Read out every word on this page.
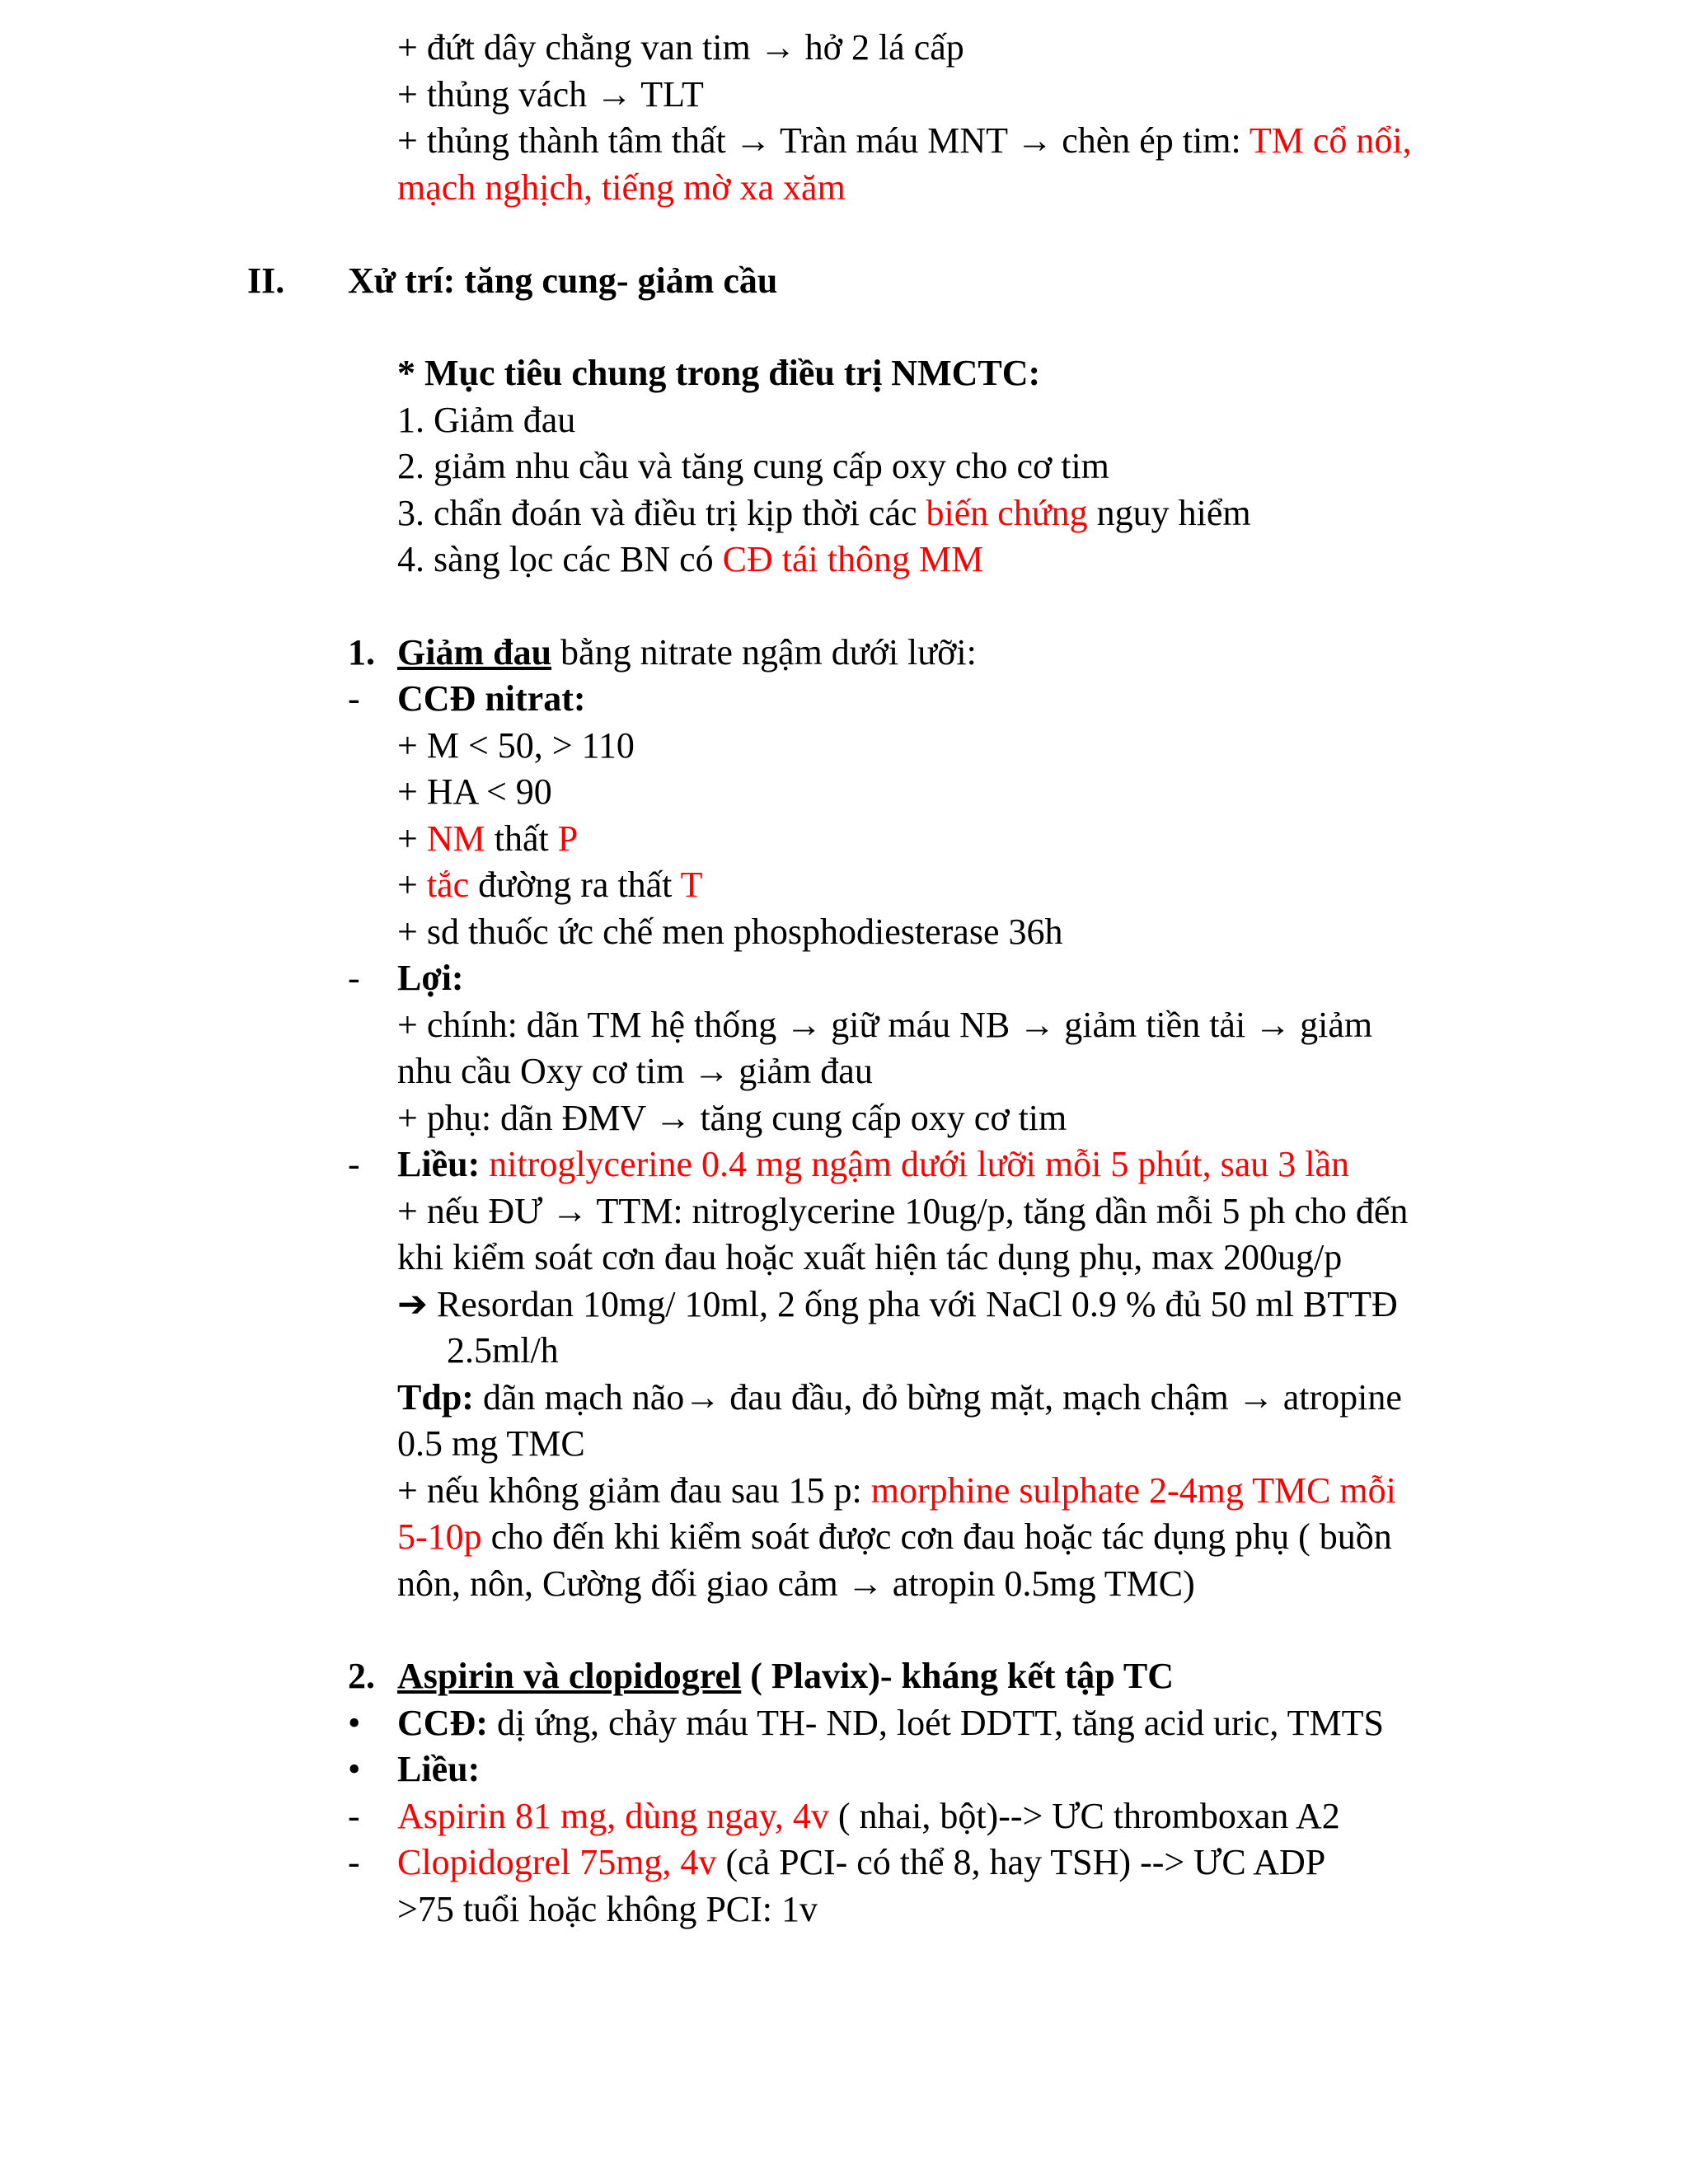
+ đứt dây chằng van tim → hở 2 lá cấp
+ thủng vách → TLT
+ thủng thành tâm thất → Tràn máu MNT → chèn ép tim: TM cổ nổi,
mạch nghịch, tiếng mờ xa xăm
II. Xử trí: tăng cung- giảm cầu
* Mục tiêu chung trong điều trị NMCTC:
1. Giảm đau
2. giảm nhu cầu và tăng cung cấp oxy cho cơ tim
3. chẩn đoán và điều trị kịp thời các biến chứng nguy hiểm
4. sàng lọc các BN có CĐ tái thông MM
1. Giảm đau bằng nitrate ngậm dưới lưỡi:
- CCĐ nitrat:
+ M < 50, > 110
+ HA < 90
+ NM thất P
+ tắc đường ra thất T
+ sd thuốc ức chế men phosphodiesterase 36h
- Lợi:
+ chính: dãn TM hệ thống → giữ máu NB → giảm tiền tải → giảm
nhu cầu Oxy cơ tim → giảm đau
+ phụ: dãn ĐMV → tăng cung cấp oxy cơ tim
- Liều: nitroglycerine 0.4 mg ngậm dưới lưỡi mỗi 5 phút, sau 3 lần
+ nếu ĐƯ → TTM: nitroglycerine 10ug/p, tăng dần mỗi 5 ph cho đến
khi kiểm soát cơn đau hoặc xuất hiện tác dụng phụ, max 200ug/p
➔ Resordan 10mg/ 10ml, 2 ống pha với NaCl 0.9 % đủ 50 ml BTTĐ
2.5ml/h
Tdp: dãn mạch não→ đau đầu, đỏ bừng mặt, mạch chậm → atropine
0.5 mg TMC
+ nếu không giảm đau sau 15 p: morphine sulphate 2-4mg TMC mỗi
5-10p cho đến khi kiểm soát được cơn đau hoặc tác dụng phụ ( buồn
nôn, nôn, Cường đối giao cảm → atropin 0.5mg TMC)
2. Aspirin và clopidogrel ( Plavix)- kháng kết tập TC
• CCĐ: dị ứng, chảy máu TH- ND, loét DDTT, tăng acid uric, TMTS
• Liều:
- Aspirin 81 mg, dùng ngay, 4v ( nhai, bột)--> ƯC thromboxan A2
- Clopidogrel 75mg, 4v (cả PCI- có thể 8, hay TSH) --> ƯC ADP
>75 tuổi hoặc không PCI: 1v
